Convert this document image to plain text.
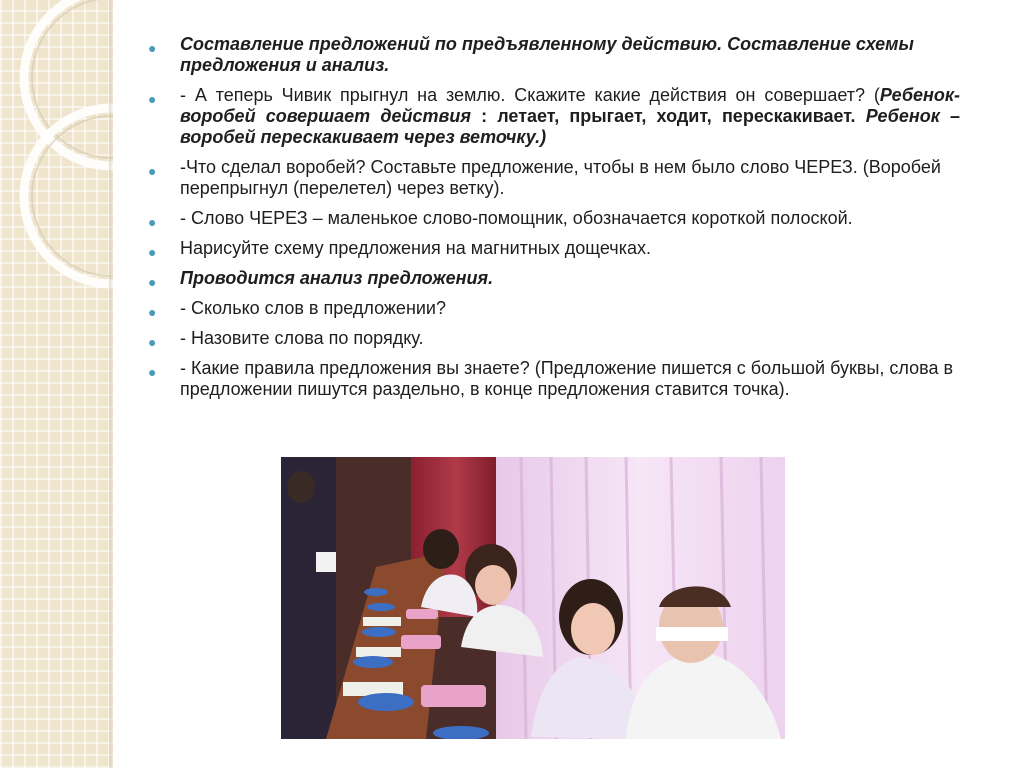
● Составление предложений по предъявленному действию. Составление схемы предложения и анализ.
● - А теперь Чивик прыгнул на землю. Скажите какие действия он совершает? (Ребенок-воробей совершает действия : летает, прыгает, ходит, перескакивает. Ребенок – воробей перескакивает через веточку.)
● -Что сделал воробей? Составьте предложение, чтобы в нем было слово ЧЕРЕЗ. (Воробей перепрыгнул (перелетел) через ветку).
● - Слово ЧЕРЕЗ – маленькое слово-помощник, обозначается короткой полоской.
● Нарисуйте схему предложения на магнитных дощечках.
● Проводится анализ предложения.
● - Сколько слов в предложении?
● - Назовите слова по порядку.
● - Какие правила предложения вы знаете? (Предложение пишется с большой буквы, слова в предложении пишутся раздельно, в конце предложения ставится точка).
